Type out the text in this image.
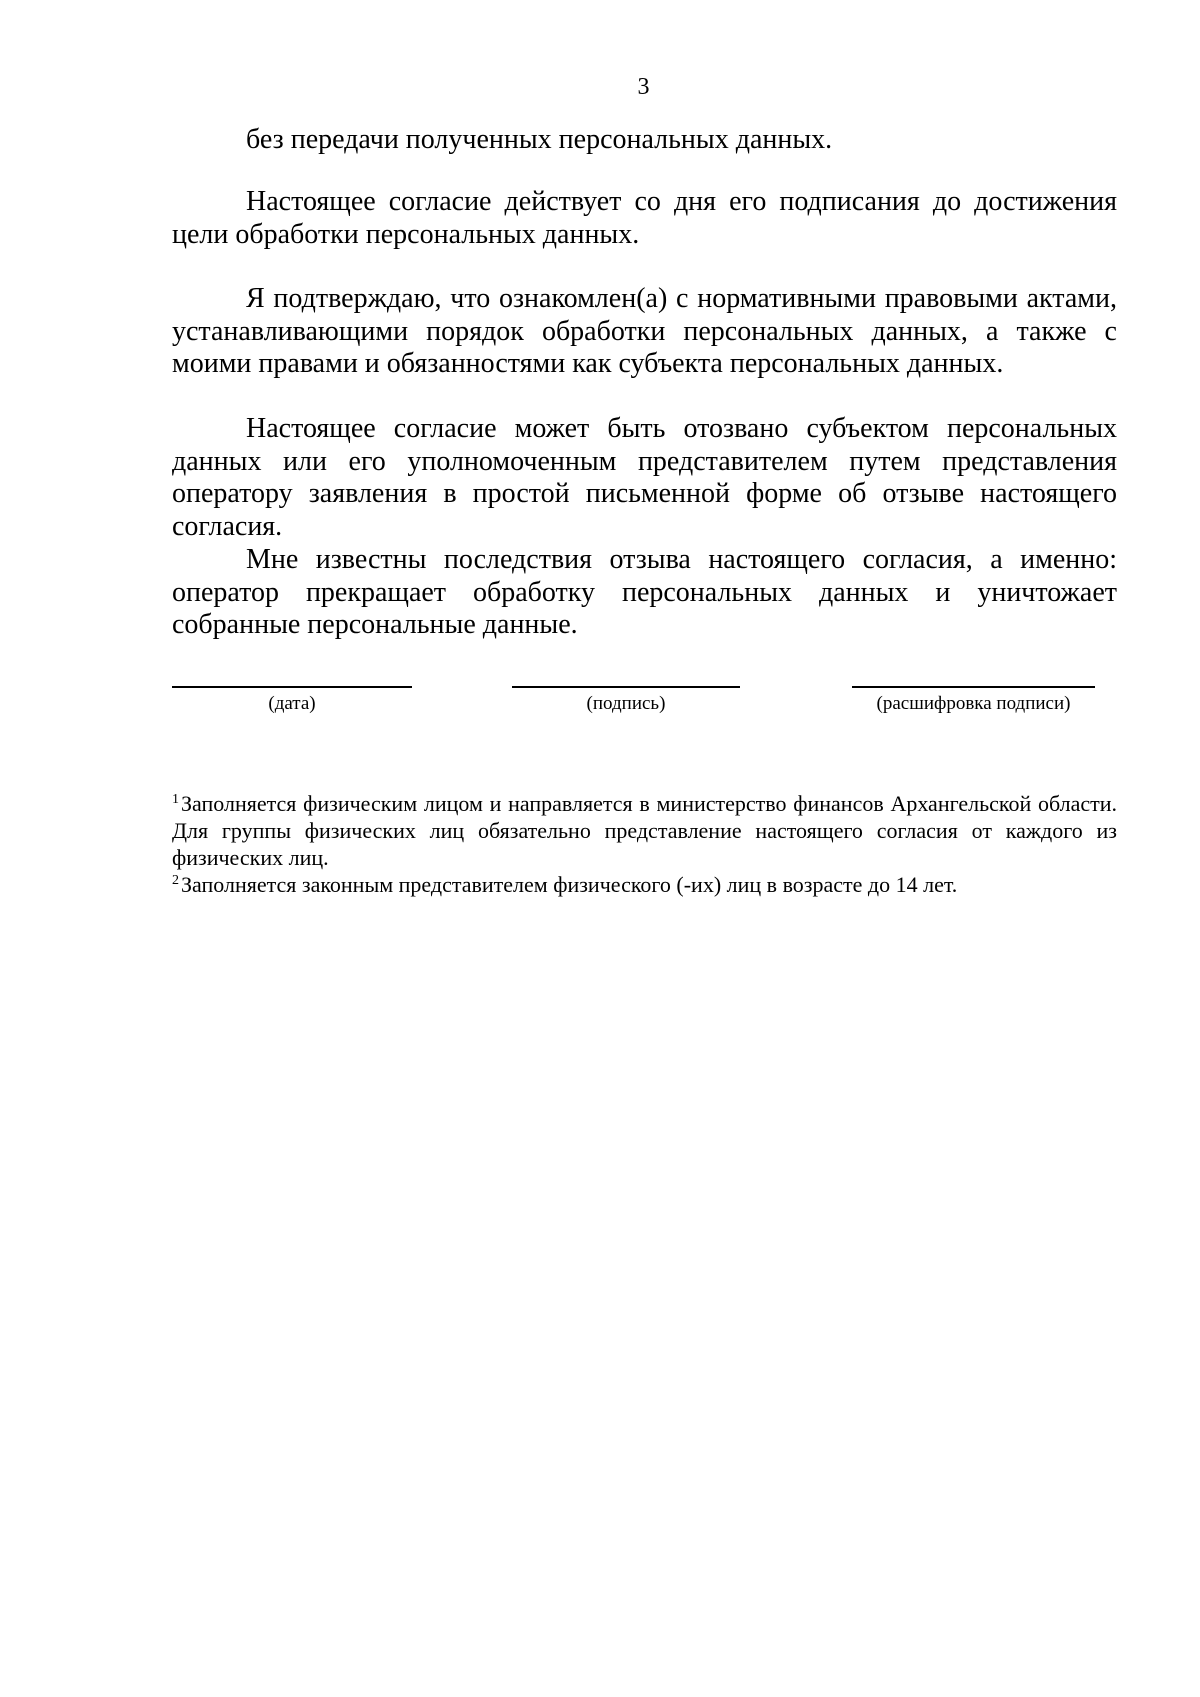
3

без передачи полученных персональных данных.

Настоящее согласие действует со дня его подписания до достижения цели обработки персональных данных.

Я подтверждаю, что ознакомлен(а) с нормативными правовыми актами, устанавливающими порядок обработки персональных данных, а также с моими правами и обязанностями как субъекта персональных данных.

Настоящее согласие может быть отозвано субъектом персональных данных или его уполномоченным представителем путем представления оператору заявления в простой письменной форме об отзыве настоящего согласия.

Мне известны последствия отзыва настоящего согласия, а именно: оператор прекращает обработку персональных данных и уничтожает собранные персональные данные.

(дата)	(подпись)	(расшифровка подписи)

$^1$Заполняется физическим лицом и направляется в министерство финансов Архангельской области. Для группы физических лиц обязательно представление настоящего согласия от каждого из физических лиц.

$^2$Заполняется законным представителем физического (-их) лиц в возрасте до 14 лет.
